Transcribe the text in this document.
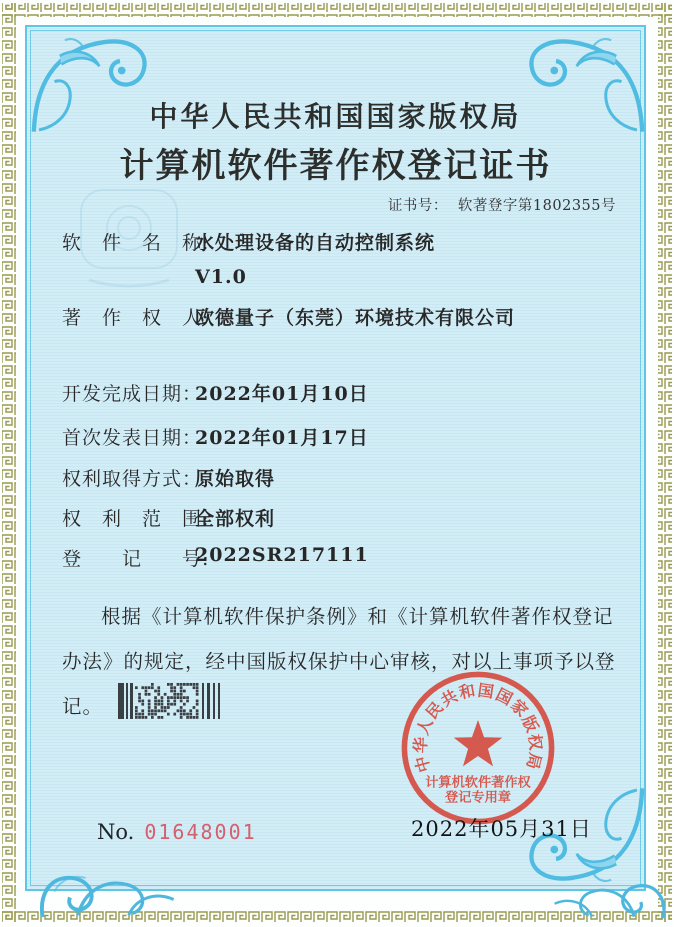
中华人民共和国国家版权局
计算机软件著作权登记证书
证书号： 软著登字第1802355号
软　件　名　称:
水处理设备的自动控制系统
V1.0
著　作　权　人:欧德量子（东莞）环境技术有限公司
开发完成日期：2022年01月10日
首次发表日期：2022年01月17日
权利取得方式：原始取得
权　利　范　围:全部权利
登　　记　　号:2022SR217111
根据《计算机软件保护条例》和《计算机软件著作权登记办法》的规定，经中国版权保护中心审核，对以上事项予以登记。
中华人民共和国国家版权局
计算机软件著作权
登记专用章
2022年05月31日
No. 01648001
